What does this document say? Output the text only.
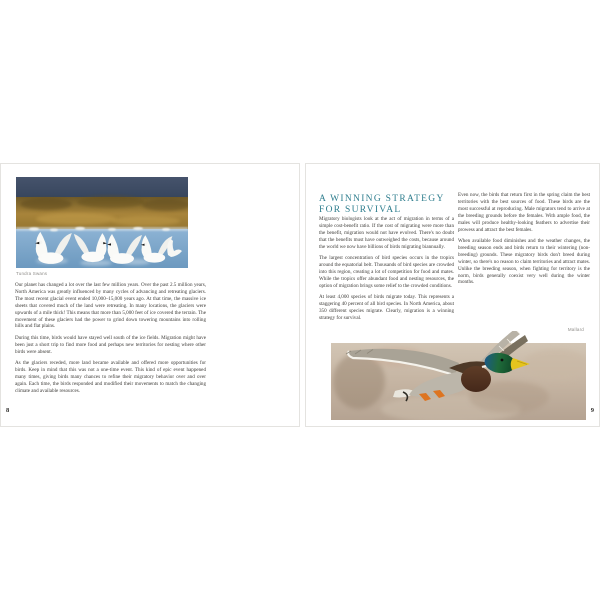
Tundra Swans

Our planet has changed a lot over the last few million years. Over the past 2.5 million years, North America was greatly influenced by many cycles of advancing and retreating glaciers. The most recent glacial event ended 10,000–15,000 years ago. At that time, the massive ice sheets that covered much of the land were retreating. In many locations, the glaciers were upwards of a mile thick! This means that more than 5,000 feet of ice covered the terrain. The movement of these glaciers had the power to grind down towering mountains into rolling hills and flat plains.

During this time, birds would have stayed well south of the ice fields. Migration might have been just a short trip to find more food and perhaps new territories for nesting where other birds were absent.

As the glaciers receded, more land became available and offered more opportunities for birds. Keep in mind that this was not a one-time event. This kind of epic event happened many times, giving birds many chances to refine their migratory behavior over and over again. Each time, the birds responded and modified their movements to match the changing climate and available resources.

8
A WINNING STRATEGY
FOR SURVIVAL

Migratory biologists look at the act of migration in terms of a simple cost-benefit ratio. If the cost of migrating were more than the benefit, migration would not have evolved. There's no doubt that the benefits must have outweighed the costs, because around the world we now have billions of birds migrating biannually.

The largest concentration of bird species occurs in the tropics around the equatorial belt. Thousands of bird species are crowded into this region, creating a lot of competition for food and mates. While the tropics offer abundant food and nesting resources, the option of migration brings some relief to the crowded conditions.

At least 4,000 species of birds migrate today. This represents a staggering 40 percent of all bird species. In North America, about 350 different species migrate. Clearly, migration is a winning strategy for survival.

Even now, the birds that return first in the spring claim the best territories with the best sources of food. These birds are the most successful at reproducing. Male migrators tend to arrive at the breeding grounds before the females. With ample food, the males will produce healthy-looking feathers to advertise their prowess and attract the best females.

When available food diminishes and the weather changes, the breeding season ends and birds return to their wintering (non-breeding) grounds. These migratory birds don't breed during winter, so there's no reason to claim territories and attract mates. Unlike the breeding season, when fighting for territory is the norm, birds generally coexist very well during the winter months.

Mallard
9
